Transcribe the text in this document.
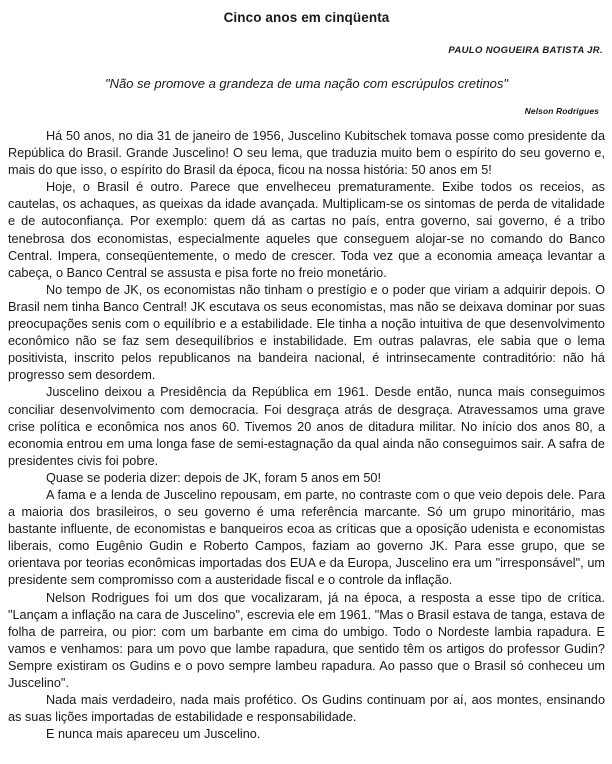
Cinco anos em cinqüenta
PAULO NOGUEIRA BATISTA JR.
"Não se promove a grandeza de uma nação com escrúpulos cretinos"
Nelson Rodrigues

Há 50 anos, no dia 31 de janeiro de 1956, Juscelino Kubitschek tomava posse como presidente da República do Brasil. Grande Juscelino! O seu lema, que traduzia muito bem o espírito do seu governo e, mais do que isso, o espírito do Brasil da época, ficou na nossa história: 50 anos em 5!

Hoje, o Brasil é outro. Parece que envelheceu prematuramente. Exibe todos os receios, as cautelas, os achaques, as queixas da idade avançada. Multiplicam-se os sintomas de perda de vitalidade e de autoconfiança. Por exemplo: quem dá as cartas no país, entra governo, sai governo, é a tribo tenebrosa dos economistas, especialmente aqueles que conseguem alojar-se no comando do Banco Central. Impera, conseqüentemente, o medo de crescer. Toda vez que a economia ameaça levantar a cabeça, o Banco Central se assusta e pisa forte no freio monetário.

No tempo de JK, os economistas não tinham o prestígio e o poder que viriam a adquirir depois. O Brasil nem tinha Banco Central! JK escutava os seus economistas, mas não se deixava dominar por suas preocupações senis com o equilíbrio e a estabilidade. Ele tinha a noção intuitiva de que desenvolvimento econômico não se faz sem desequilíbrios e instabilidade. Em outras palavras, ele sabia que o lema positivista, inscrito pelos republicanos na bandeira nacional, é intrinsecamente contraditório: não há progresso sem desordem.

Juscelino deixou a Presidência da República em 1961. Desde então, nunca mais conseguimos conciliar desenvolvimento com democracia. Foi desgraça atrás de desgraça. Atravessamos uma grave crise política e econômica nos anos 60. Tivemos 20 anos de ditadura militar. No início dos anos 80, a economia entrou em uma longa fase de semi-estagnação da qual ainda não conseguimos sair. A safra de presidentes civis foi pobre.

Quase se poderia dizer: depois de JK, foram 5 anos em 50!

A fama e a lenda de Juscelino repousam, em parte, no contraste com o que veio depois dele. Para a maioria dos brasileiros, o seu governo é uma referência marcante. Só um grupo minoritário, mas bastante influente, de economistas e banqueiros ecoa as críticas que a oposição udenista e economistas liberais, como Eugênio Gudin e Roberto Campos, faziam ao governo JK. Para esse grupo, que se orientava por teorias econômicas importadas dos EUA e da Europa, Juscelino era um "irresponsável", um presidente sem compromisso com a austeridade fiscal e o controle da inflação.

Nelson Rodrigues foi um dos que vocalizaram, já na época, a resposta a esse tipo de crítica. "Lançam a inflação na cara de Juscelino", escrevia ele em 1961. "Mas o Brasil estava de tanga, estava de folha de parreira, ou pior: com um barbante em cima do umbigo. Todo o Nordeste lambia rapadura. E vamos e venhamos: para um povo que lambe rapadura, que sentido têm os artigos do professor Gudin? Sempre existiram os Gudins e o povo sempre lambeu rapadura. Ao passo que o Brasil só conheceu um Juscelino".

Nada mais verdadeiro, nada mais profético. Os Gudins continuam por aí, aos montes, ensinando as suas lições importadas de estabilidade e responsabilidade.

E nunca mais apareceu um Juscelino.
